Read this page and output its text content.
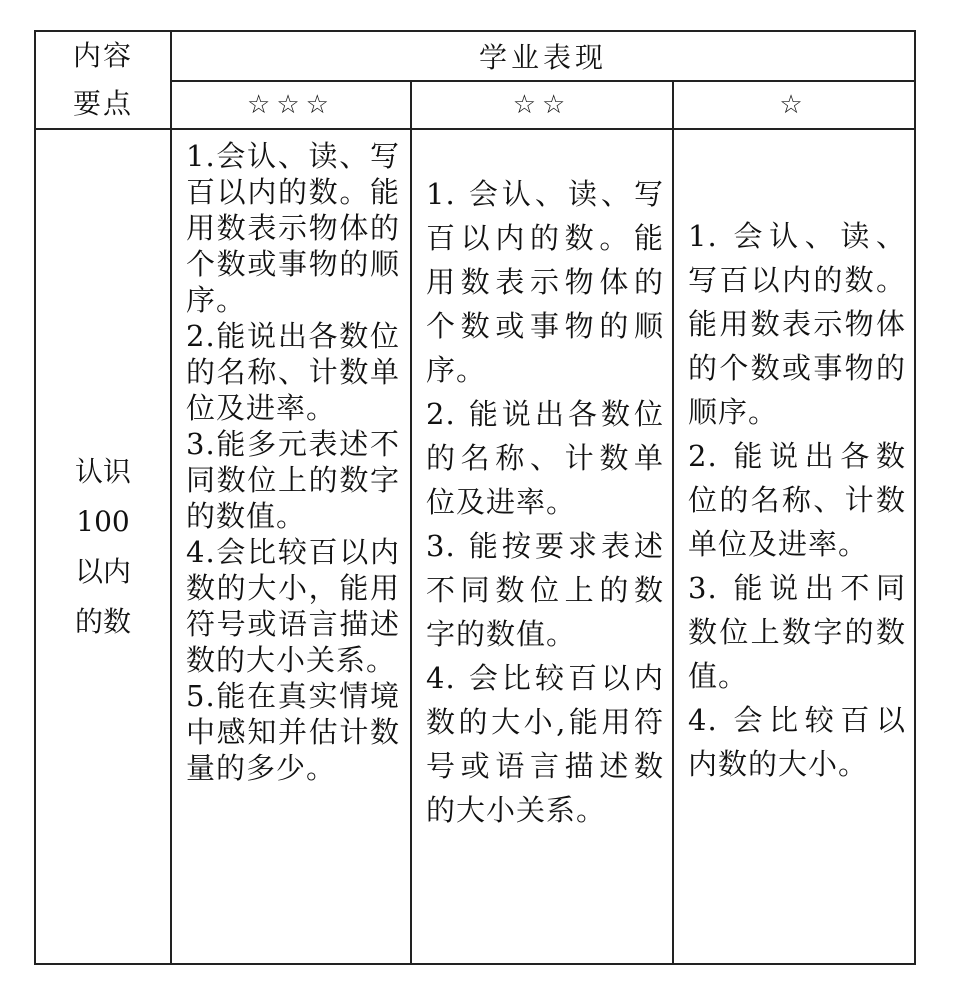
内容
要点	学业表现		
	☆☆☆	☆☆	☆
认识
100
以内
的数	1.会认、读、写百以内的数。能用数表示物体的个数或事物的顺序。
2.能说出各数位的名称、计数单位及进率。
3.能多元表述不同数位上的数字的数值。
4.会比较百以内数的大小，能用符号或语言描述数的大小关系。
5.能在真实情境中感知并估计数量的多少。	1. 会认、读、写百以内的数。能用数表示物体的个数或事物的顺序。
2. 能说出各数位的名称、计数单位及进率。
3. 能按要求表述不同数位上的数字的数值。
4. 会比较百以内数的大小,能用符号或语言描述数的大小关系。	1. 会认、读、写百以内的数。能用数表示物体的个数或事物的顺序。
2. 能说出各数位的名称、计数单位及进率。
3. 能说出不同数位上数字的数值。
4. 会比较百以内数的大小。
